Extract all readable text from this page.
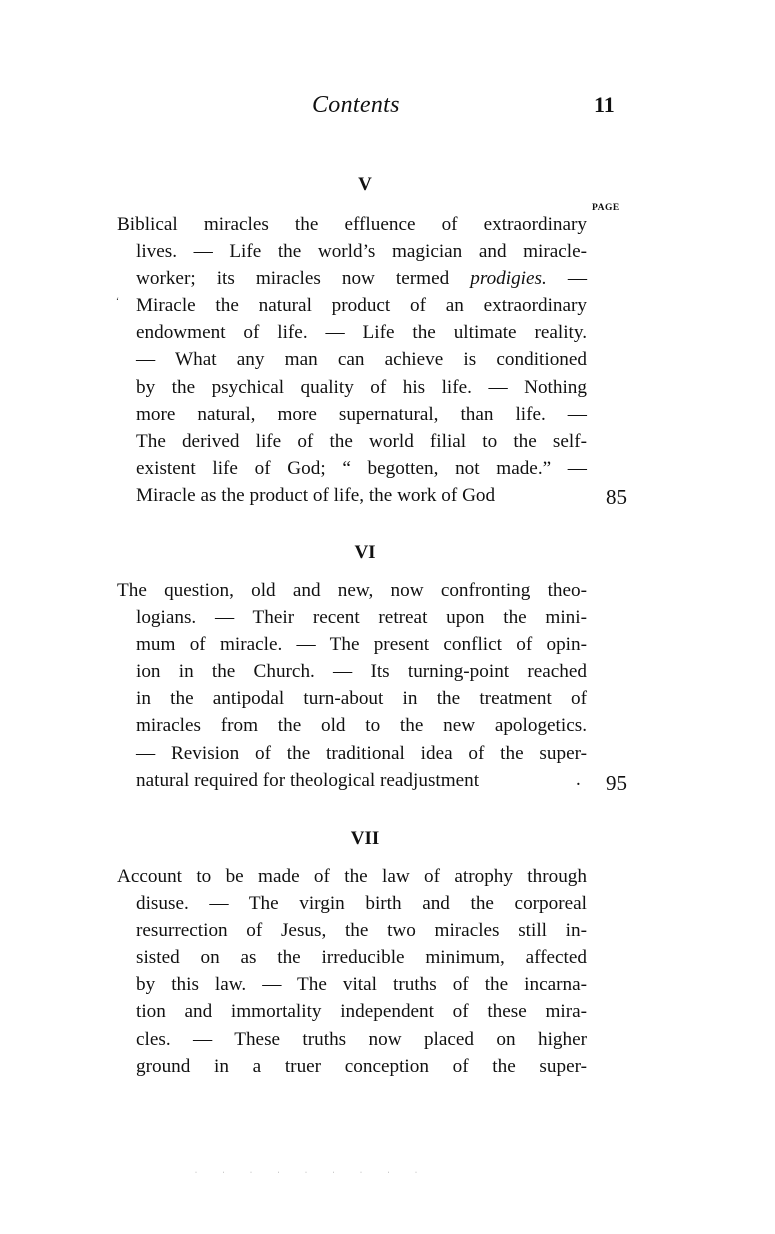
Contents	11
V
PAGE
‘
Biblical miracles the effluence of extraordinary
lives. — Life the world’s magician and miracle-
worker; its miracles now termed prodigies. —
Miracle the natural product of an extraordinary
endowment of life. — Life the ultimate reality.
— What any man can achieve is conditioned
by the psychical quality of his life. — Nothing
more natural, more supernatural, than life. —
The derived life of the world filial to the self-
existent life of God; “ begotten, not made.” —
Miracle as the product of life, the work of God	85
VI
The question, old and new, now confronting theo-
logians. — Their recent retreat upon the mini-
mum of miracle. — The present conflict of opin-
ion in the Church. — Its turning-point reached
in the antipodal turn-about in the treatment of
miracles from the old to the new apologetics.
— Revision of the traditional idea of the super-
natural required for theological readjustment	. 95
VII
Account to be made of the law of atrophy through
disuse. — The virgin birth and the corporeal
resurrection of Jesus, the two miracles still in-
sisted on as the irreducible minimum, affected
by this law. — The vital truths of the incarna-
tion and immortality independent of these mira-
cles. — These truths now placed on higher
ground in a truer conception of the super-
· · · · · · · · ·
